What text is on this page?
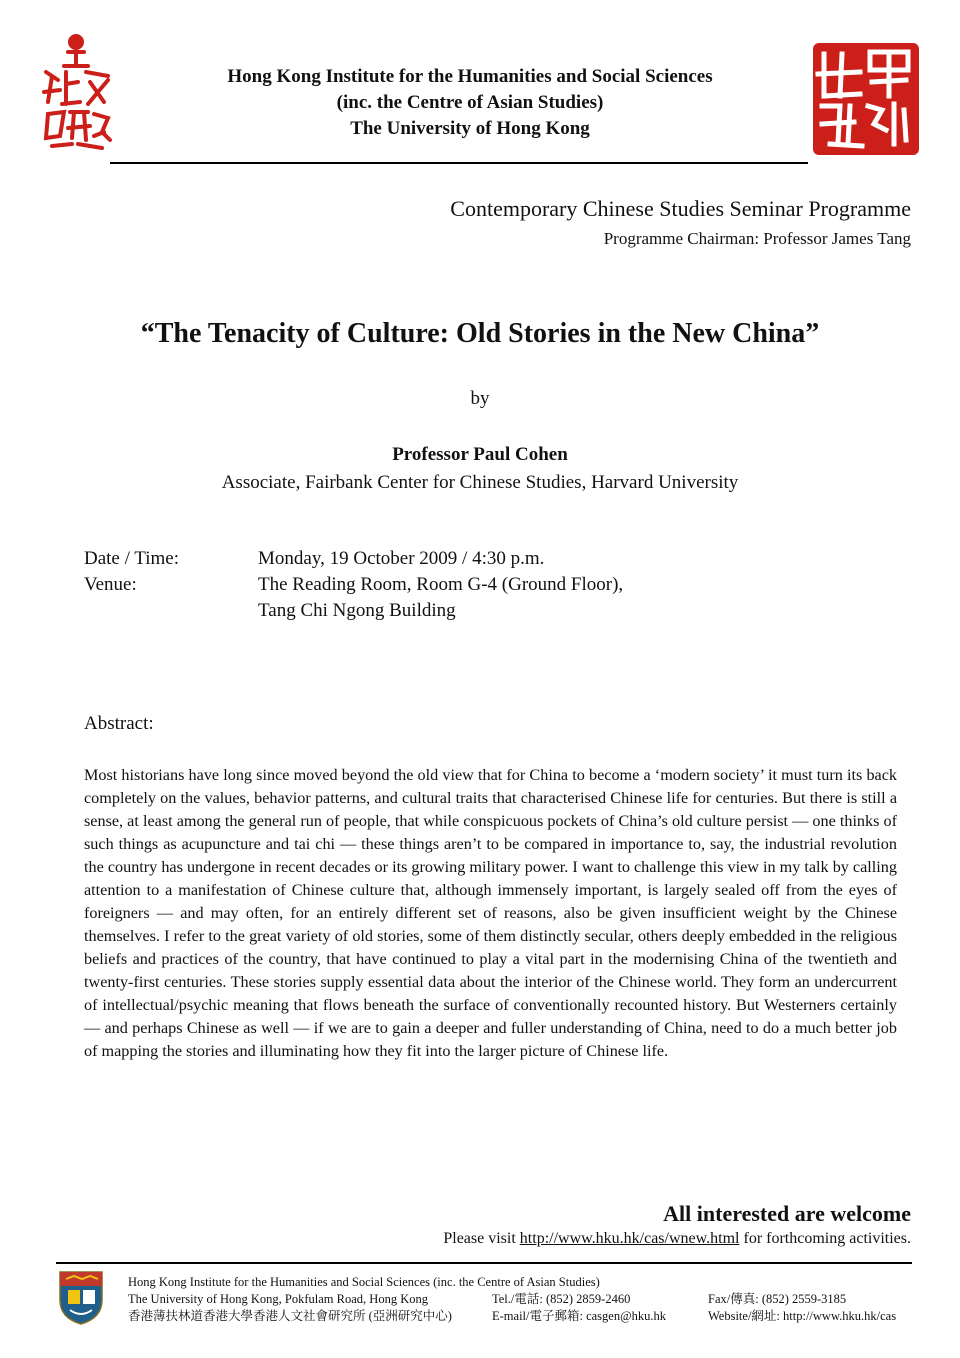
Hong Kong Institute for the Humanities and Social Sciences
(inc. the Centre of Asian Studies)
The University of Hong Kong
Contemporary Chinese Studies Seminar Programme
Programme Chairman: Professor James Tang
“The Tenacity of Culture: Old Stories in the New China”
by
Professor Paul Cohen
Associate, Fairbank Center for Chinese Studies, Harvard University
Date / Time:	Monday, 19 October 2009 / 4:30 p.m.
Venue:	The Reading Room, Room G-4 (Ground Floor),
Tang Chi Ngong Building
Abstract:
Most historians have long since moved beyond the old view that for China to become a ‘modern society’ it must turn its back completely on the values, behavior patterns, and cultural traits that characterised Chinese life for centuries. But there is still a sense, at least among the general run of people, that while conspicuous pockets of China’s old culture persist — one thinks of such things as acupuncture and tai chi — these things aren’t to be compared in importance to, say, the industrial revolution the country has undergone in recent decades or its growing military power. I want to challenge this view in my talk by calling attention to a manifestation of Chinese culture that, although immensely important, is largely sealed off from the eyes of foreigners — and may often, for an entirely different set of reasons, also be given insufficient weight by the Chinese themselves. I refer to the great variety of old stories, some of them distinctly secular, others deeply embedded in the religious beliefs and practices of the country, that have continued to play a vital part in the modernising China of the twentieth and twenty-first centuries. These stories supply essential data about the interior of the Chinese world. They form an undercurrent of intellectual/psychic meaning that flows beneath the surface of conventionally recounted history. But Westerners certainly — and perhaps Chinese as well — if we are to gain a deeper and fuller understanding of China, need to do a much better job of mapping the stories and illuminating how they fit into the larger picture of Chinese life.
All interested are welcome
Please visit http://www.hku.hk/cas/wnew.html for forthcoming activities.
Hong Kong Institute for the Humanities and Social Sciences (inc. the Centre of Asian Studies)
The University of Hong Kong, Pokfulam Road, Hong Kong
香港薄扶林道香港大學香港人文社會研究所 (亞洲研究中心)
Tel./電話: (852) 2859-2460
E-mail/電子郵箱: casgen@hku.hk
Fax/傳真: (852) 2559-3185
Website/網址: http://www.hku.hk/cas
